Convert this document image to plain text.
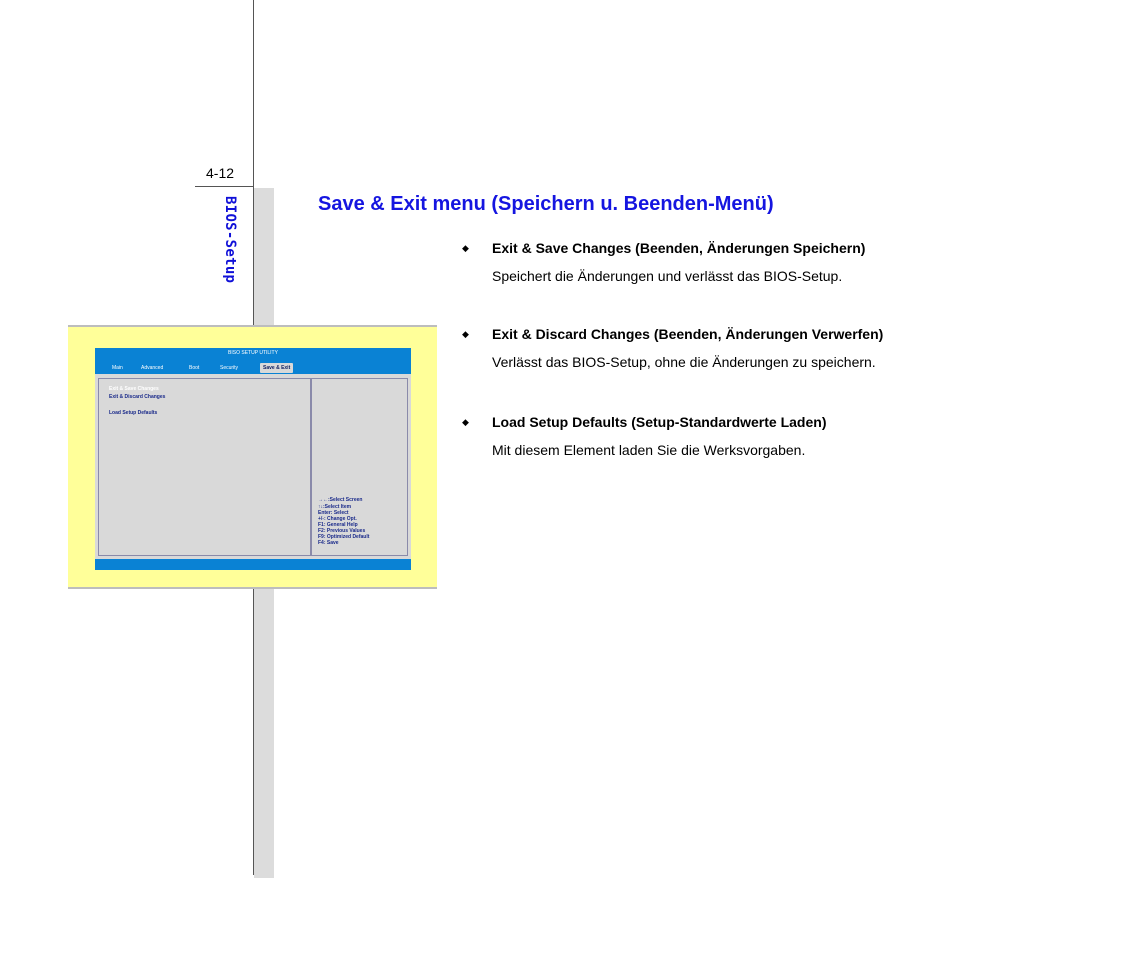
4-12
BIOS-Setup	Save & Exit menu (Speichern u. Beenden-Menü)
◆ Exit & Save Changes (Beenden, Änderungen Speichern)
Speichert die Änderungen und verlässt das BIOS-Setup.
◆ Exit & Discard Changes (Beenden, Änderungen Verwerfen)
Verlässt das BIOS-Setup, ohne die Änderungen zu speichern.
◆ Load Setup Defaults (Setup-Standardwerte Laden)
Mit diesem Element laden Sie die Werksvorgaben.
BISO SETUP UTILITY
Main	Advanced	Boot	Security	Save & Exit
Exit & Save Changes
Exit & Discard Changes
Load Setup Defaults
→←:Select Screen
↑↓:Select Item
Enter: Select
+/-: Change Opt.
F1: General Help
F2: Previous Values
F9: Optimized Default
F4: Save
